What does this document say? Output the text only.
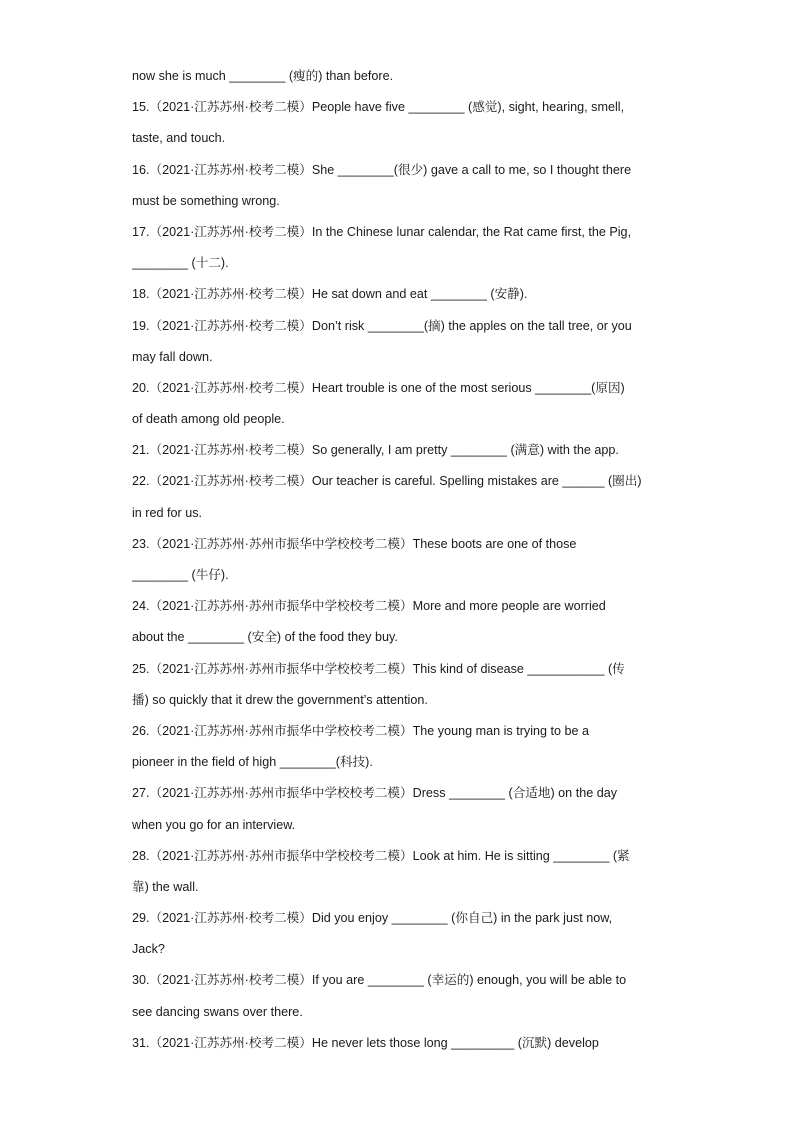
now she is much ________ (瘦的) than before.
15.（2021·江苏苏州·校考二模）People have five ________ (感觉), sight, hearing, smell,
taste, and touch.
16.（2021·江苏苏州·校考二模）She ________(很少) gave a call to me, so I thought there
must be something wrong.
17.（2021·江苏苏州·校考二模）In the Chinese lunar calendar, the Rat came first, the Pig,
________ (十二).
18.（2021·江苏苏州·校考二模）He sat down and eat ________ (安静).
19.（2021·江苏苏州·校考二模）Don’t risk ________(摘) the apples on the tall tree, or you
may fall down.
20.（2021·江苏苏州·校考二模）Heart trouble is one of the most serious ________(原因)
of death among old people.
21.（2021·江苏苏州·校考二模）So generally, I am pretty ________ (满意) with the app.
22.（2021·江苏苏州·校考二模）Our teacher is careful. Spelling mistakes are ______ (圈出)
in red for us.
23.（2021·江苏苏州·苏州市振华中学校校考二模）These boots are one of those
________ (牛仔).
24.（2021·江苏苏州·苏州市振华中学校校考二模）More and more people are worried
about the ________ (安全) of the food they buy.
25.（2021·江苏苏州·苏州市振华中学校校考二模）This kind of disease ___________ (传
播) so quickly that it drew the government’s attention.
26.（2021·江苏苏州·苏州市振华中学校校考二模）The young man is trying to be a
pioneer in the field of high ________(科技).
27.（2021·江苏苏州·苏州市振华中学校校考二模）Dress ________ (合适地) on the day
when you go for an interview.
28.（2021·江苏苏州·苏州市振华中学校校考二模）Look at him. He is sitting ________ (紧
靠) the wall.
29.（2021·江苏苏州·校考二模）Did you enjoy ________ (你自己) in the park just now,
Jack?
30.（2021·江苏苏州·校考二模）If you are ________ (幸运的) enough, you will be able to
see dancing swans over there.
31.（2021·江苏苏州·校考二模）He never lets those long _________ (沉默) develop
